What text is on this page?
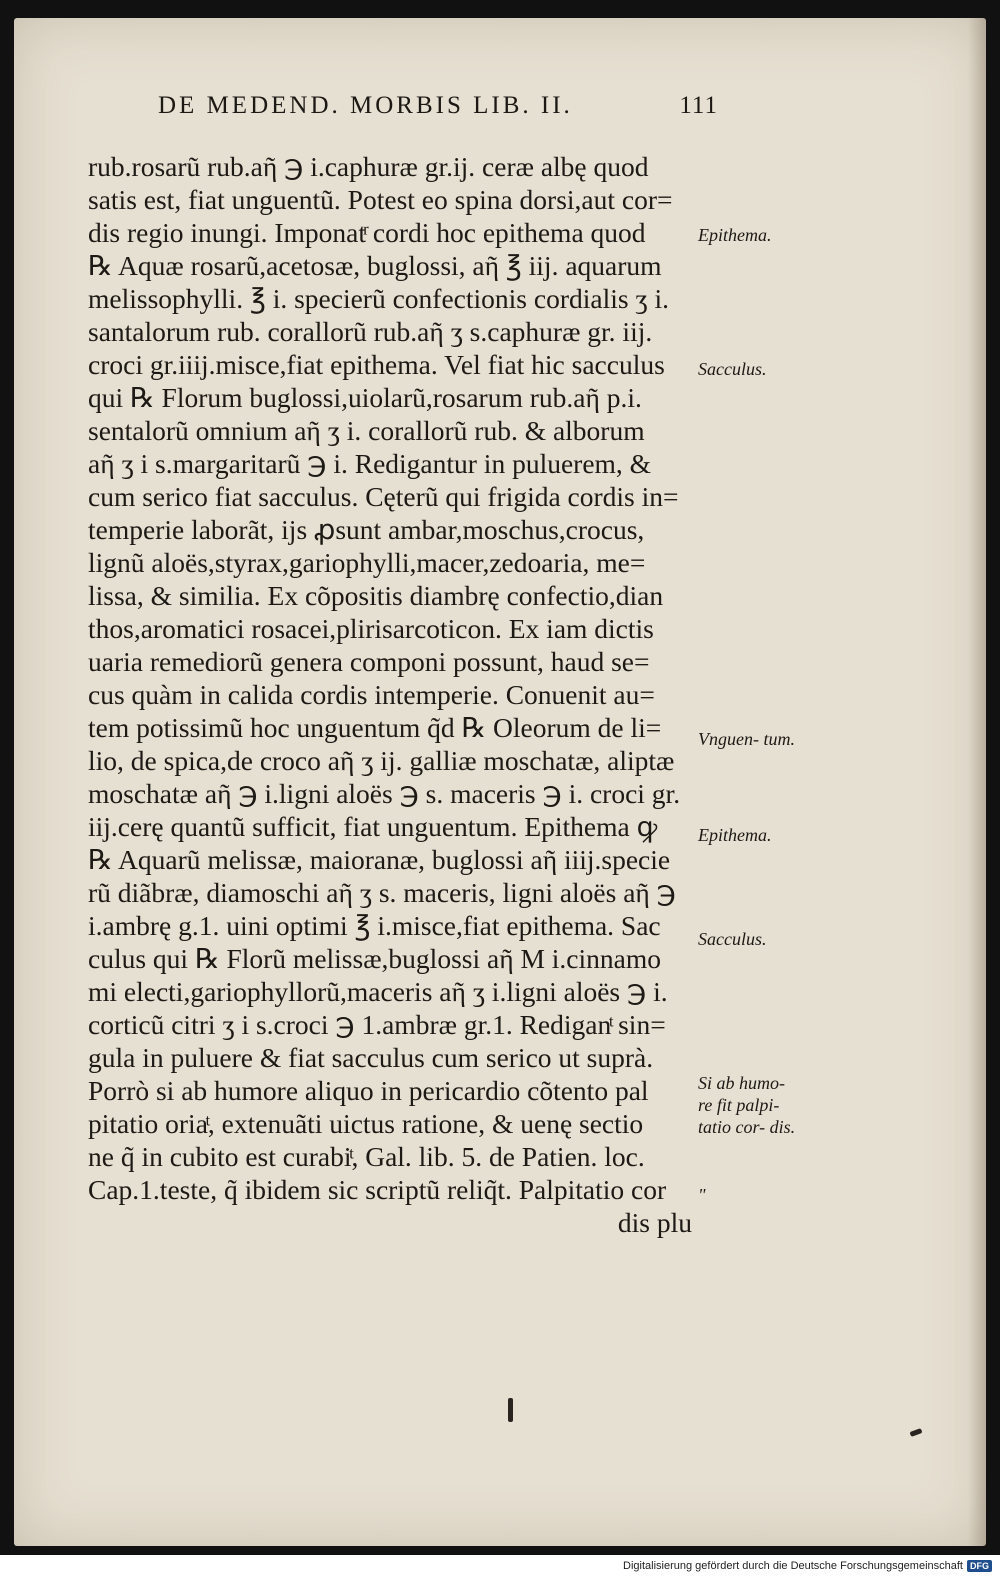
DE MEDEND. MORBIS LIB. II.	111
rub.rosarũ rub.aῆ ℈ i.caphuræ gr.ij. ceræ albę quod
satis est, fiat unguentũ. Potest eo spina dorsi,aut cor=
dis regio inungi. Imponatͬ cordi hoc epithema quod
℞ Aquæ rosarũ,acetosæ, buglossi, aῆ ℥ iij. aquarum
melissophylli. ℥ i. specierũ confectionis cordialis ʒ i.
santalorum rub. corallorũ rub.aῆ ʒ s.caphuræ gr. iij.
croci gr.iiij.misce,fiat epithema. Vel fiat hic sacculus
qui ℞ Florum buglossi,uiolarũ,rosarum rub.aῆ p.i.
sentalorũ omnium aῆ ʒ i. corallorũ rub. & alborum
aῆ ʒ i s.margaritarũ ℈ i. Redigantur in puluerem, &
cum serico fiat sacculus. Cęterũ qui frigida cordis in=
temperie laborãt, ijs ꝓsunt ambar,moschus,crocus,
lignũ aloës,styrax,gariophylli,macer,zedoaria, me=
lissa, & similia. Ex cõpositis diambrę confectio,dian
thos,aromatici rosacei,plirisarcoticon. Ex iam dictis
uaria remediorũ genera componi possunt, haud se=
cus quàm in calida cordis intemperie. Conuenit au=
tem potissimũ hoc unguentum q̃d ℞ Oleorum de li=
lio, de spica,de croco aῆ ʒ ij. galliæ moschatæ, aliptæ
moschatæ aῆ ℈ i.ligni aloës ℈ s. maceris ℈ i. croci gr.
iij.cerę quantũ sufficit, fiat unguentum. Epithema ꝙ
℞ Aquarũ melissæ, maioranæ, buglossi aῆ iiij.specie
rũ diãbræ, diamoschi aῆ ʒ s. maceris, ligni aloës aῆ ℈
i.ambrę g.1. uini optimi ℥ i.misce,fiat epithema. Sac
culus qui ℞ Florũ melissæ,buglossi aῆ M i.cinnamo
mi electi,gariophyllorũ,maceris aῆ ʒ i.ligni aloës ℈ i.
corticũ citri ʒ i s.croci ℈ 1.ambræ gr.1. Rediganͭ sin=
gula in puluere & fiat sacculus cum serico ut suprà.
Porrò si ab humore aliquo in pericardio cõtento pal
pitatio oriaͭ, extenuãti uictus ratione, & uenę sectio
ne q̃ in cubito est curabiͭ, Gal. lib. 5. de Patien. loc.
Cap.1.teste, q̃ ibidem sic scriptũ reliq̃t. Palpitatio cor
dis plu
Epithema.
Sacculus.
Vnguen- tum.
Epithema.
Sacculus.
Si ab humo- re fit palpi- tatio cor- dis.
"
Digitalisierung gefördert durch die Deutsche Forschungsgemeinschaft DFG
